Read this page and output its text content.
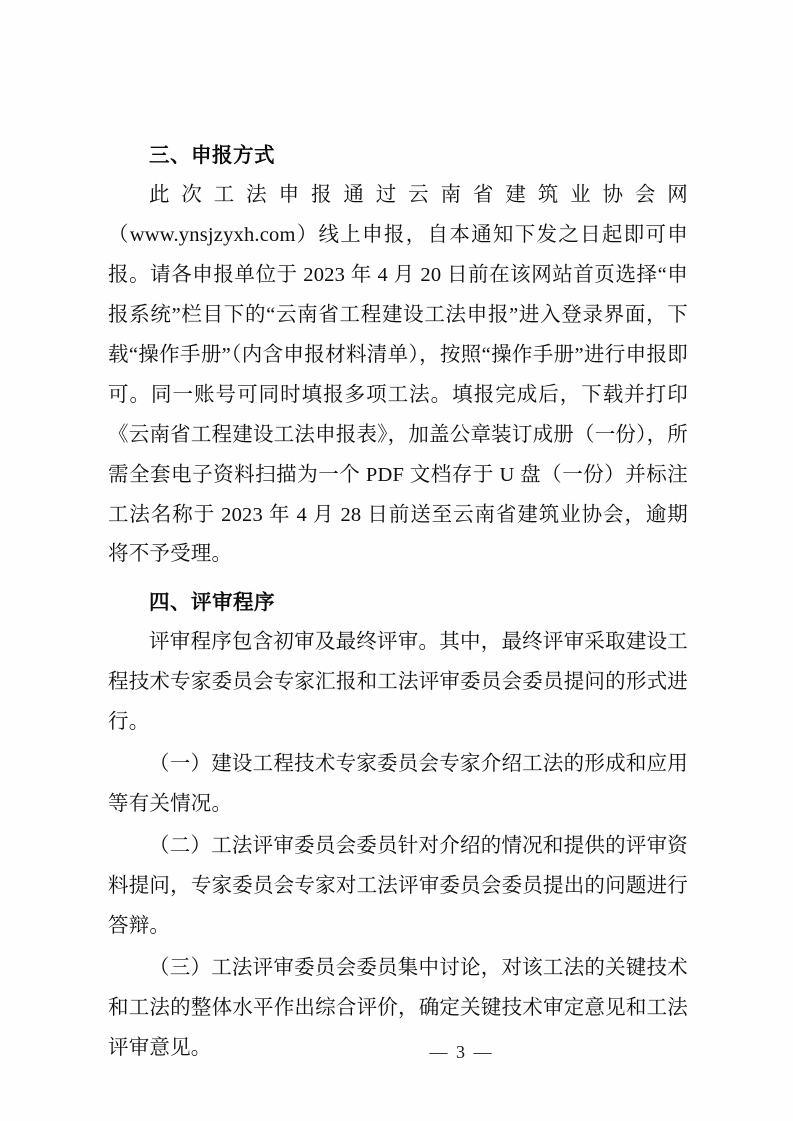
三、申报方式

此次工法申报通过云南省建筑业协会网（www.ynsjzyxh.com）线上申报，自本通知下发之日起即可申报。请各申报单位于 2023 年 4 月 20 日前在该网站首页选择“申报系统”栏目下的“云南省工程建设工法申报”进入登录界面，下载“操作手册”（内含申报材料清单），按照“操作手册”进行申报即可。同一账号可同时填报多项工法。填报完成后，下载并打印《云南省工程建设工法申报表》，加盖公章装订成册（一份），所需全套电子资料扫描为一个 PDF 文档存于 U 盘（一份）并标注工法名称于 2023 年 4 月 28 日前送至云南省建筑业协会，逾期将不予受理。

四、评审程序

评审程序包含初审及最终评审。其中，最终评审采取建设工程技术专家委员会专家汇报和工法评审委员会委员提问的形式进行。

（一）建设工程技术专家委员会专家介绍工法的形成和应用等有关情况。

（二）工法评审委员会委员针对介绍的情况和提供的评审资料提问，专家委员会专家对工法评审委员会委员提出的问题进行答辩。

（三）工法评审委员会委员集中讨论，对该工法的关键技术和工法的整体水平作出综合评价，确定关键技术审定意见和工法评审意见。	— 3 —
